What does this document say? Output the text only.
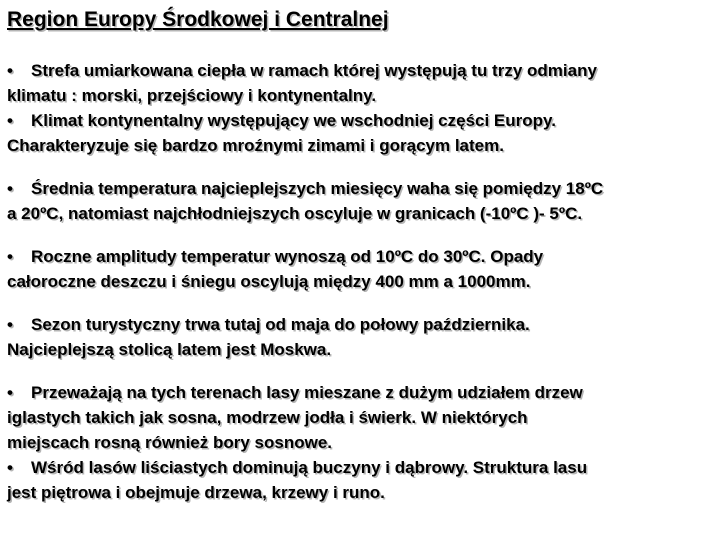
Region Europy Środkowej i Centralnej
•	Strefa umiarkowana ciepła w ramach której występują tu trzy odmiany
klimatu : morski, przejściowy i kontynentalny.
•	Klimat kontynentalny występujący we wschodniej części Europy.
Charakteryzuje się bardzo mroźnymi zimami i gorącym latem.
•	Średnia temperatura najcieplejszych miesięcy waha się pomiędzy 18ºC
a 20ºC, natomiast najchłodniejszych oscyluje w granicach (-10ºC )- 5ºC.
•	Roczne amplitudy temperatur wynoszą od 10ºC do 30ºC. Opady
całoroczne deszczu i śniegu oscylują między 400 mm a 1000mm.
•	Sezon turystyczny trwa tutaj od maja do połowy października.
Najcieplejszą stolicą latem jest Moskwa.
•	Przeważają na tych terenach lasy mieszane z dużym udziałem drzew
iglastych takich jak sosna, modrzew jodła i świerk. W niektórych
miejscach rosną również bory sosnowe.
•	Wśród lasów liściastych dominują buczyny i dąbrowy. Struktura lasu
jest piętrowa i obejmuje drzewa, krzewy i runo.
